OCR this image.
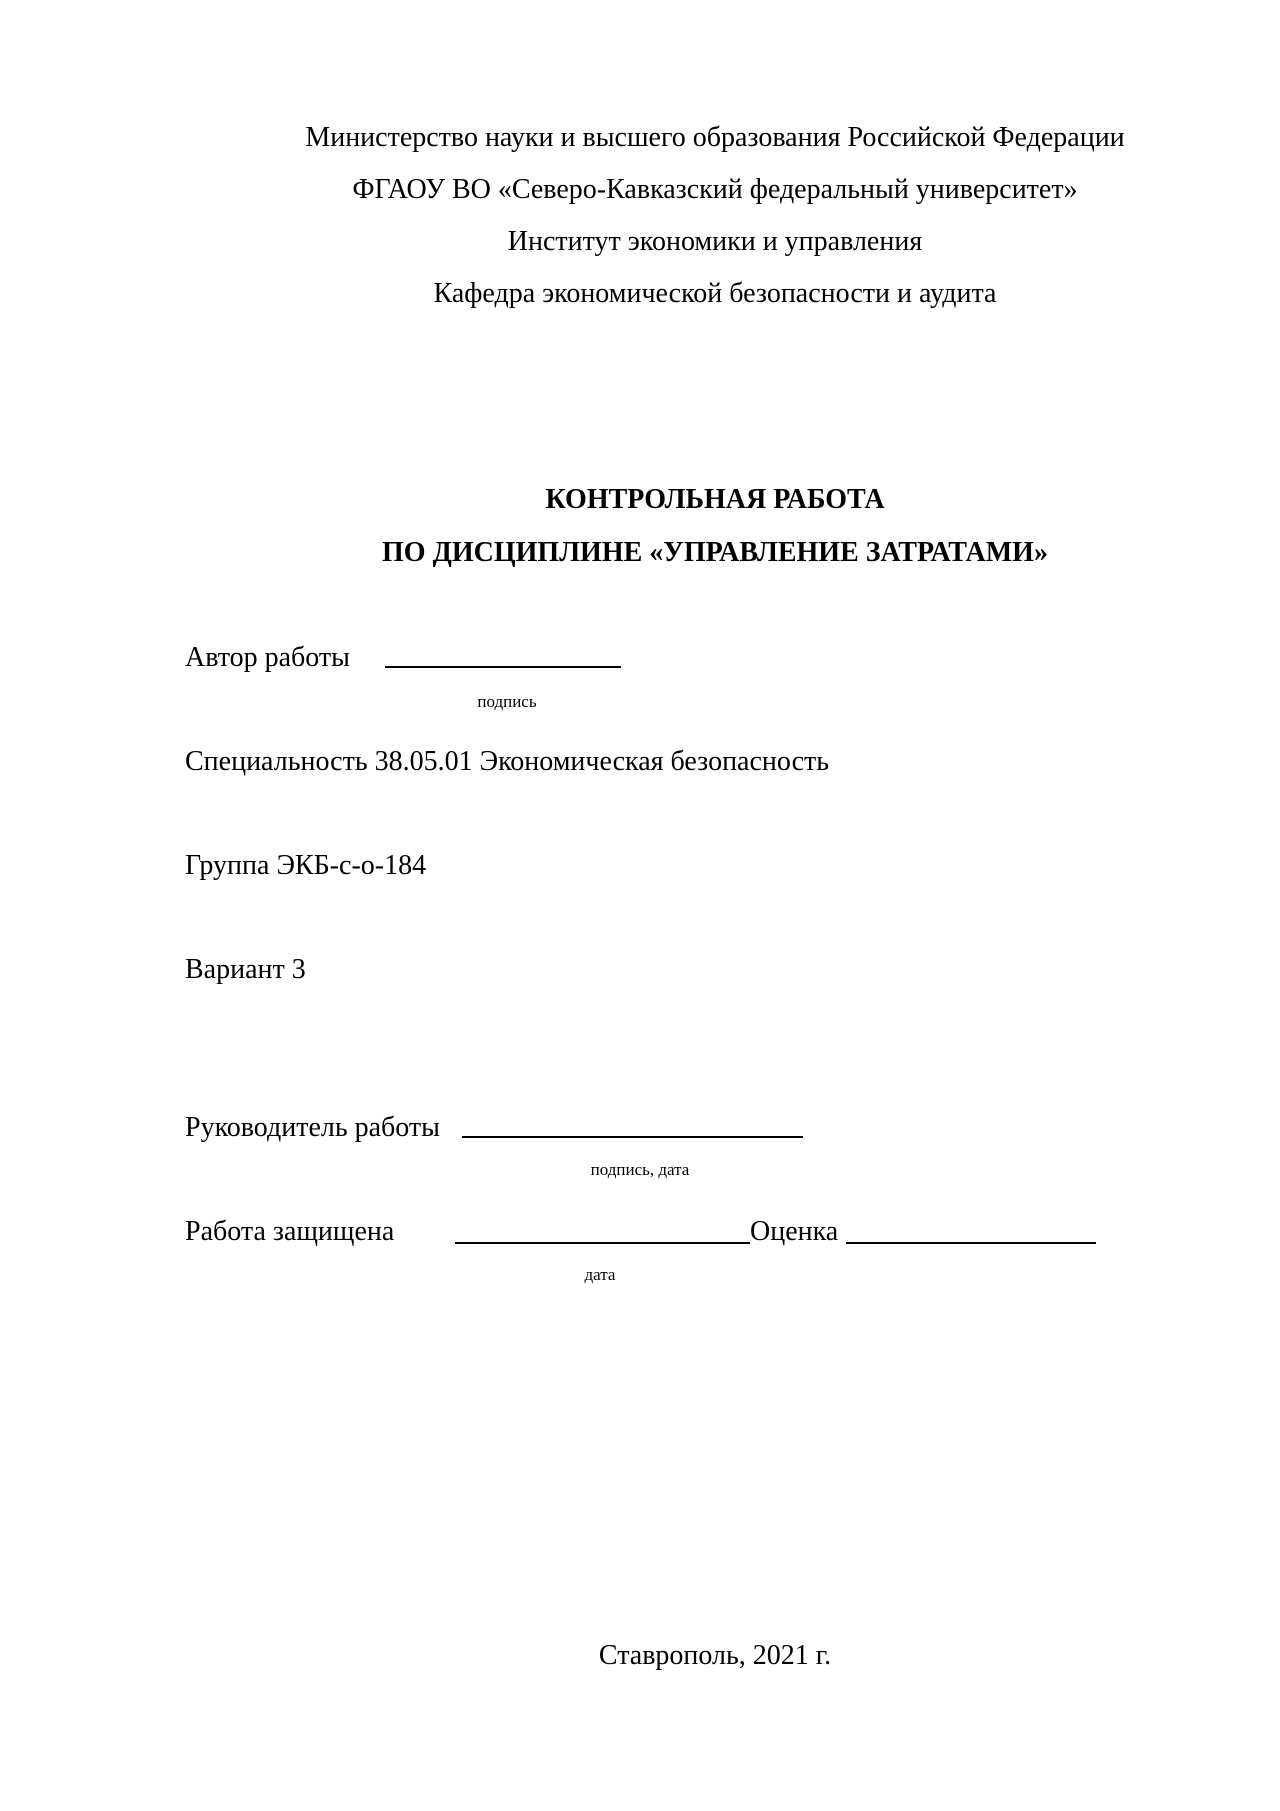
Министерство науки и высшего образования Российской Федерации
ФГАОУ ВО «Северо-Кавказский федеральный университет»
Институт экономики и управления
Кафедра экономической безопасности и аудита
КОНТРОЛЬНАЯ РАБОТА
ПО ДИСЦИПЛИНЕ «УПРАВЛЕНИЕ ЗАТРАТАМИ»
Автор работы
подпись
Специальность 38.05.01 Экономическая безопасность
Группа ЭКБ-с-о-184
Вариант 3
Руководитель работы
подпись, дата
Работа защищена	Оценка
дата
Ставрополь, 2021 г.
